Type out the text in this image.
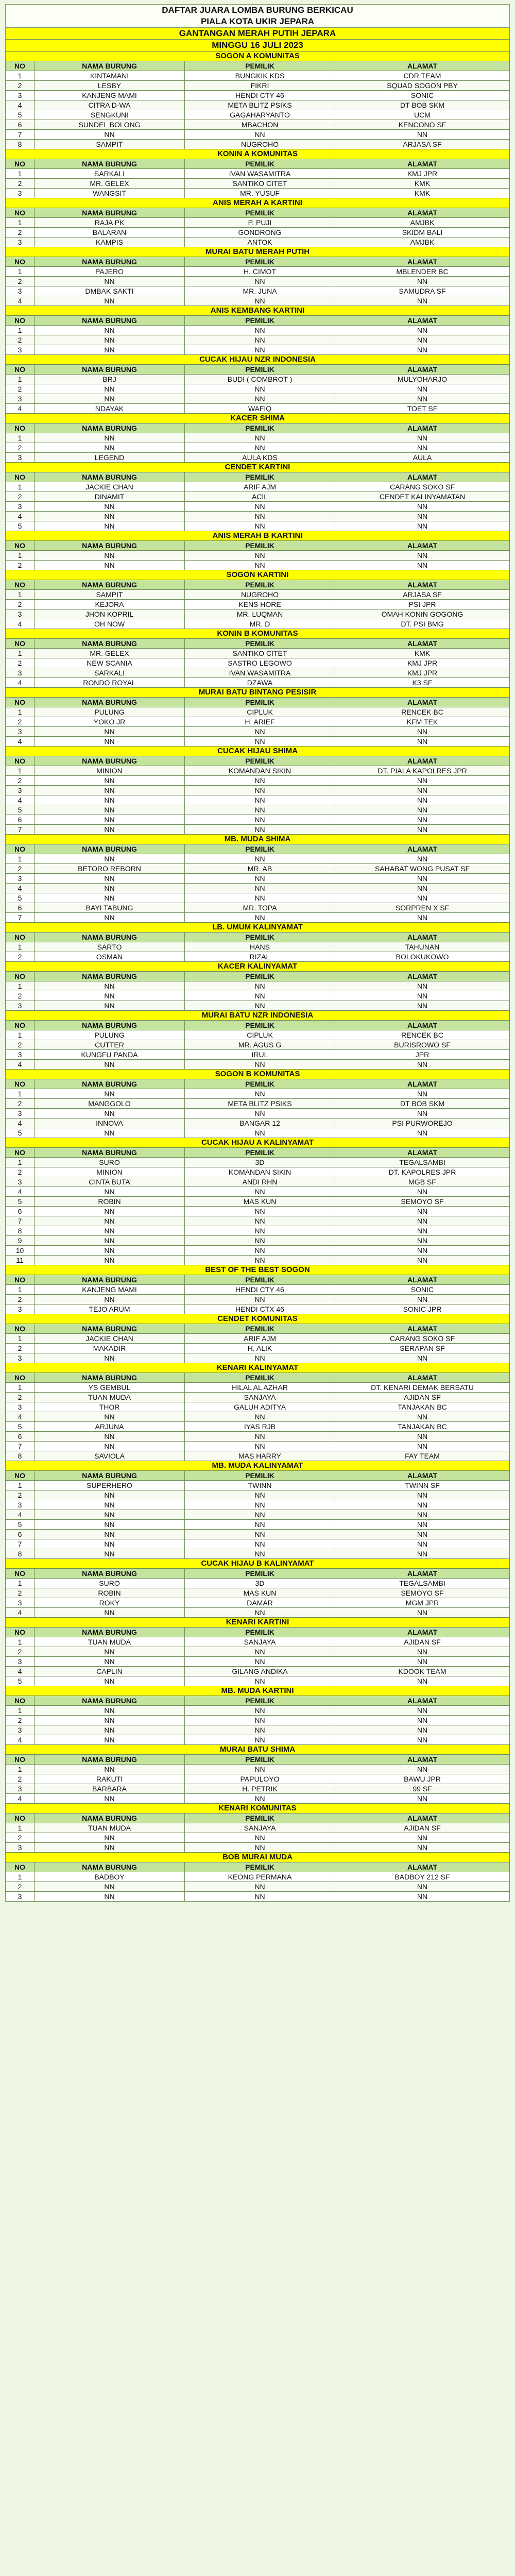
DAFTAR JUARA LOMBA BURUNG BERKICAU
PIALA KOTA UKIR JEPARA
GANTANGAN MERAH PUTIH JEPARA
MINGGU 16 JULI 2023
SOGON A KOMUNITAS			
NO	NAMA BURUNG	PEMILIK	ALAMAT
1	KINTAMANI	BUNGKIK KDS	CDR TEAM
2	LESBY	FIKRI	SQUAD SOGON PBY
3	KANJENG MAMI	HENDI CTY 46	SONIC
4	CITRA D-WA	META BLITZ PSIKS	DT BOB SKM
5	SENGKUNI	GAGAHARYANTO	UCM
6	SUNDEL BOLONG	MBACHON	KENCONO SF
7	NN	NN	NN
8	SAMPIT	NUGROHO	ARJASA SF
KONIN A KOMUNITAS			
NO	NAMA BURUNG	PEMILIK	ALAMAT
1	SARKALI	IVAN WASAMITRA	KMJ JPR
2	MR. GELEX	SANTIKO CITET	KMK
3	WANGSIT	MR. YUSUF	KMK
ANIS MERAH A KARTINI			
NO	NAMA BURUNG	PEMILIK	ALAMAT
1	RAJA PK	P. PUJI	AMJBK
2	BALARAN	GONDRONG	SKIDM BALI
3	KAMPIS	ANTOK	AMJBK
MURAI BATU MERAH PUTIH			
NO	NAMA BURUNG	PEMILIK	ALAMAT
1	PAJERO	H. CIMOT	MBLENDER BC
2	NN	NN	NN
3	DMBAK SAKTI	MR. JUNA	SAMUDRA SF
4	NN	NN	NN
ANIS KEMBANG KARTINI			
NO	NAMA BURUNG	PEMILIK	ALAMAT
1	NN	NN	NN
2	NN	NN	NN
3	NN	NN	NN
CUCAK HIJAU NZR INDONESIA			
NO	NAMA BURUNG	PEMILIK	ALAMAT
1	BRJ	BUDI ( COMBROT )	MULYOHARJO
2	NN	NN	NN
3	NN	NN	NN
4	NDAYAK	WAFIQ	TOET SF
KACER SHIMA			
NO	NAMA BURUNG	PEMILIK	ALAMAT
1	NN	NN	NN
2	NN	NN	NN
3	LEGEND	AULA KDS	AULA
CENDET KARTINI			
NO	NAMA BURUNG	PEMILIK	ALAMAT
1	JACKIE CHAN	ARIF AJM	CARANG SOKO SF
2	DINAMIT	ACIL	CENDET KALINYAMATAN
3	NN	NN	NN
4	NN	NN	NN
5	NN	NN	NN
ANIS MERAH B KARTINI			
NO	NAMA BURUNG	PEMILIK	ALAMAT
1	NN	NN	NN
2	NN	NN	NN
SOGON KARTINI			
NO	NAMA BURUNG	PEMILIK	ALAMAT
1	SAMPIT	NUGROHO	ARJASA SF
2	KEJORA	KENS HORE	PSI JPR
3	JHON KOPRIL	MR. LUQMAN	OMAH KONIN GOGONG
4	OH NOW	MR. D	DT. PSI BMG
KONIN B KOMUNITAS			
NO	NAMA BURUNG	PEMILIK	ALAMAT
1	MR. GELEX	SANTIKO CITET	KMK
2	NEW SCANIA	SASTRO LEGOWO	KMJ JPR
3	SARKALI	IVAN WASAMITRA	KMJ JPR
4	RONDO ROYAL	DZAWA	K3 SF
MURAI BATU BINTANG PESISIR			
NO	NAMA BURUNG	PEMILIK	ALAMAT
1	PULUNG	CIPLUK	RENCEK BC
2	YOKO JR	H. ARIEF	KFM TEK
3	NN	NN	NN
4	NN	NN	NN
CUCAK HIJAU SHIMA			
NO	NAMA BURUNG	PEMILIK	ALAMAT
1	MINION	KOMANDAN SIKIN	DT. PIALA KAPOLRES JPR
2	NN	NN	NN
3	NN	NN	NN
4	NN	NN	NN
5	NN	NN	NN
6	NN	NN	NN
7	NN	NN	NN
MB. MUDA SHIMA			
NO	NAMA BURUNG	PEMILIK	ALAMAT
1	NN	NN	NN
2	BETORO REBORN	MR. AB	SAHABAT WONG PUSAT SF
3	NN	NN	NN
4	NN	NN	NN
5	NN	NN	NN
6	BAYI TABUNG	MR. TOPA	SORPREN X SF
7	NN	NN	NN
LB. UMUM KALINYAMAT			
NO	NAMA BURUNG	PEMILIK	ALAMAT
1	SARTO	HANS	TAHUNAN
2	OSMAN	RIZAL	BOLOKUKOWO
KACER KALINYAMAT			
NO	NAMA BURUNG	PEMILIK	ALAMAT
1	NN	NN	NN
2	NN	NN	NN
3	NN	NN	NN
MURAI BATU NZR INDONESIA			
NO	NAMA BURUNG	PEMILIK	ALAMAT
1	PULUNG	CIPLUK	RENCEK BC
2	CUTTER	MR. AGUS G	BURISROWO SF
3	KUNGFU PANDA	IRUL	JPR
4	NN	NN	NN
SOGON B KOMUNITAS			
NO	NAMA BURUNG	PEMILIK	ALAMAT
1	NN	NN	NN
2	MANGGOLO	META BLITZ PSIKS	DT BOB SKM
3	NN	NN	NN
4	INNOVA	BANGAR 12	PSI PURWOREJO
5	NN	NN	NN
CUCAK HIJAU A KALINYAMAT			
NO	NAMA BURUNG	PEMILIK	ALAMAT
1	SURO	3D	TEGALSAMBI
2	MINION	KOMANDAN SIKIN	DT. KAPOLRES JPR
3	CINTA BUTA	ANDI RHN	MGB SF
4	NN	NN	NN
5	ROBIN	MAS KUN	SEMOYO SF
6	NN	NN	NN
7	NN	NN	NN
8	NN	NN	NN
9	NN	NN	NN
10	NN	NN	NN
11	NN	NN	NN
BEST OF THE BEST SOGON			
NO	NAMA BURUNG	PEMILIK	ALAMAT
1	KANJENG MAMI	HENDI CTY 46	SONIC
2	NN	NN	NN
3	TEJO ARUM	HENDI CTX 46	SONIC JPR
CENDET KOMUNITAS			
NO	NAMA BURUNG	PEMILIK	ALAMAT
1	JACKIE CHAN	ARIF AJM	CARANG SOKO SF
2	MAKADIR	H. ALIK	SERAPAN SF
3	NN	NN	NN
KENARI KALINYAMAT			
NO	NAMA BURUNG	PEMILIK	ALAMAT
1	YS GEMBUL	HILAL AL AZHAR	DT. KENARI DEMAK BERSATU
2	TUAN MUDA	SANJAYA	AJIDAN SF
3	THOR	GALUH ADITYA	TANJAKAN BC
4	NN	NN	NN
5	ARJUNA	IYAS RJB	TANJAKAN BC
6	NN	NN	NN
7	NN	NN	NN
8	SAVIOLA	MAS HARRY	FAY TEAM
MB. MUDA KALINYAMAT			
NO	NAMA BURUNG	PEMILIK	ALAMAT
1	SUPERHERO	TWINN	TWINN SF
2	NN	NN	NN
3	NN	NN	NN
4	NN	NN	NN
5	NN	NN	NN
6	NN	NN	NN
7	NN	NN	NN
8	NN	NN	NN
CUCAK HIJAU B KALINYAMAT			
NO	NAMA BURUNG	PEMILIK	ALAMAT
1	SURO	3D	TEGALSAMBI
2	ROBIN	MAS KUN	SEMOYO SF
3	ROKY	DAMAR	MGM JPR
4	NN	NN	NN
KENARI KARTINI			
NO	NAMA BURUNG	PEMILIK	ALAMAT
1	TUAN MUDA	SANJAYA	AJIDAN SF
2	NN	NN	NN
3	NN	NN	NN
4	CAPLIN	GILANG ANDIKA	KDOOK TEAM
5	NN	NN	NN
MB. MUDA KARTINI			
NO	NAMA BURUNG	PEMILIK	ALAMAT
1	NN	NN	NN
2	NN	NN	NN
3	NN	NN	NN
4	NN	NN	NN
MURAI BATU SHIMA			
NO	NAMA BURUNG	PEMILIK	ALAMAT
1	NN	NN	NN
2	RAKUTI	PAPULOYO	BAWU JPR
3	BARBARA	H. PETRIK	99 SF
4	NN	NN	NN
KENARI KOMUNITAS			
NO	NAMA BURUNG	PEMILIK	ALAMAT
1	TUAN MUDA	SANJAYA	AJIDAN SF
2	NN	NN	NN
3	NN	NN	NN
BOB MURAI MUDA			
NO	NAMA BURUNG	PEMILIK	ALAMAT
1	BADBOY	KEONG PERMANA	BADBOY 212 SF
2	NN	NN	NN
3	NN	NN	NN
